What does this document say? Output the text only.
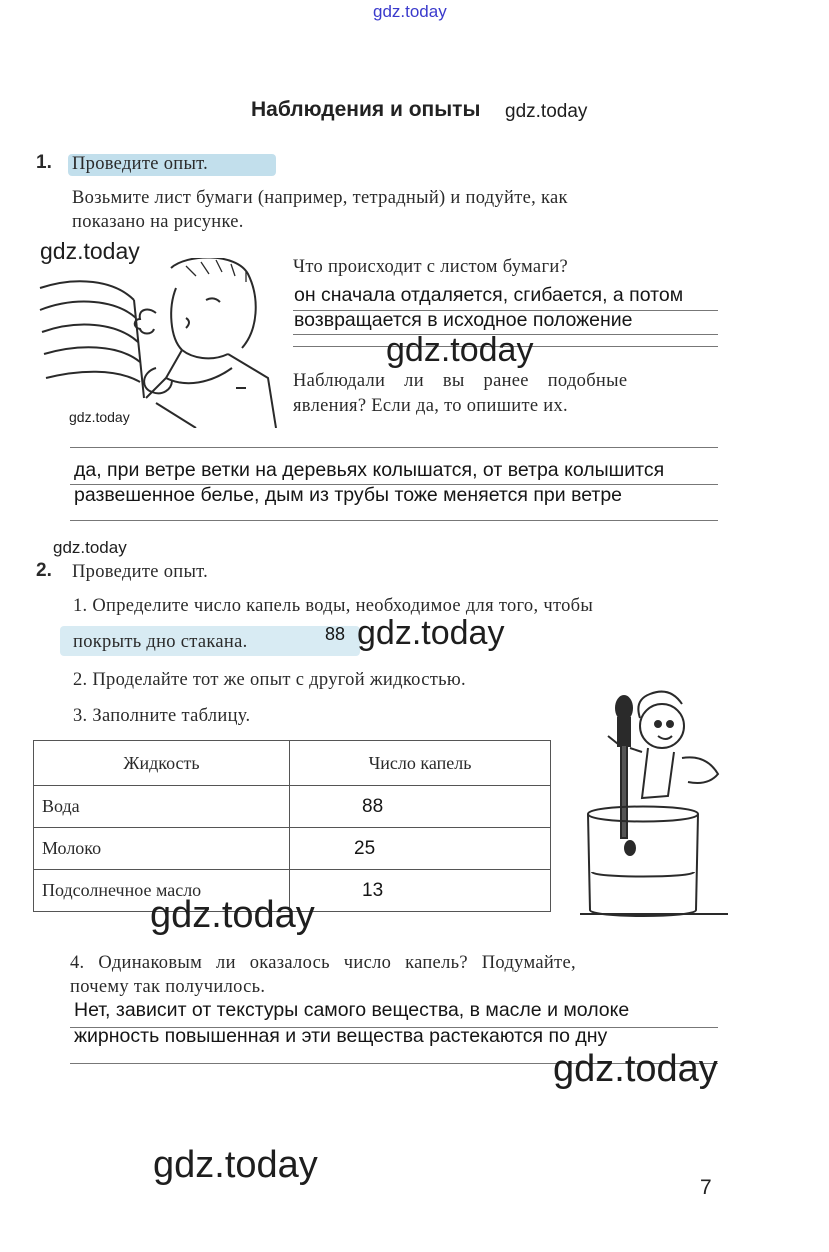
gdz.today
Наблюдения и опыты gdz.today
1. Проведите опыт.
Возьмите лист бумаги (например, тетрадный) и подуйте, как
показано на рисунке.
gdz.today
gdz.today
Что происходит с листом бумаги?
он сначала отдаляется, сгибается, а потом
возвращается в исходное положение
gdz.today
Наблюдали ли вы ранее подобные
явления? Если да, то опишите их.
да, при ветре ветки на деревьях колышатся, от ветра колышится
развешенное белье, дым из трубы тоже меняется при ветре
gdz.today
2. Проведите опыт.
1. Определите число капель воды, необходимое для того, чтобы
покрыть дно стакана.	88 gdz.today
2. Проделайте тот же опыт с другой жидкостью.
3. Заполните таблицу.
Жидкость	Число капель
Вода	88
Молоко	25
Подсолнечное масло	13
gdz.today
4. Одинаковым ли оказалось число капель? Подумайте,
почему так получилось.
Нет, зависит от текстуры самого вещества, в масле и молоке
жирность повышенная и эти вещества растекаются по дну
gdz.today
gdz.today
7
